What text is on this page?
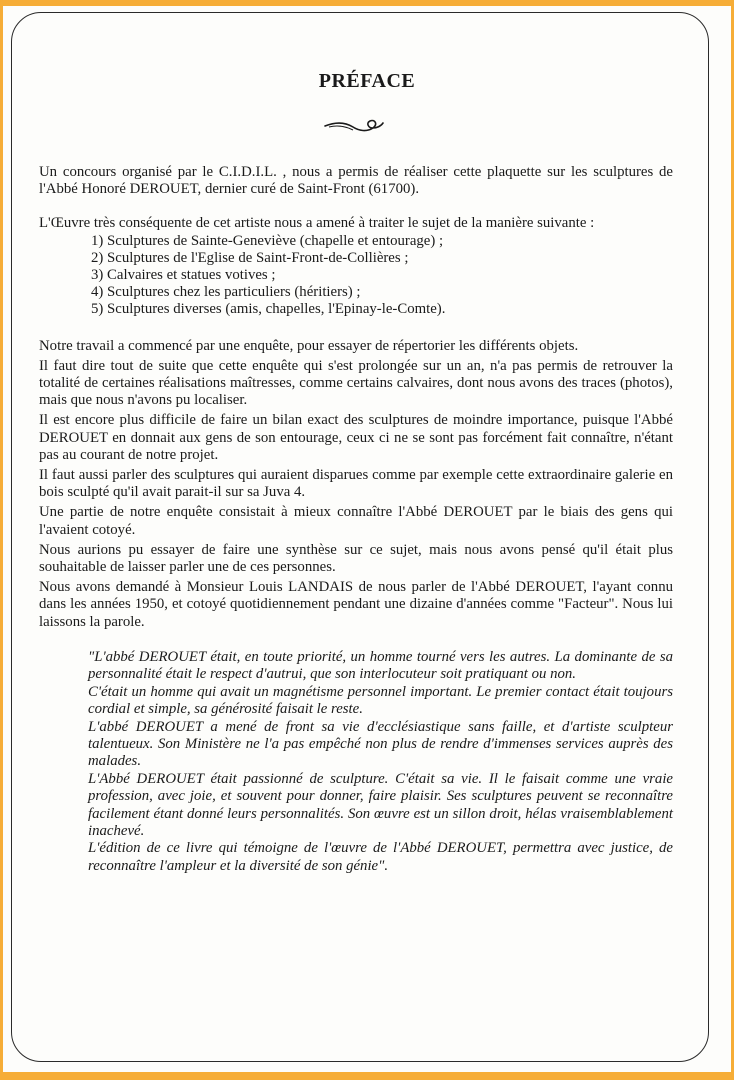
PRÉFACE

Un concours organisé par le C.I.D.I.L. , nous a permis de réaliser cette plaquette sur les sculptures de l'Abbé Honoré DEROUET, dernier curé de Saint-Front (61700).

L'Œuvre très conséquente de cet artiste nous a amené à traiter le sujet de la manière suivante :

1) Sculptures de Sainte-Geneviève (chapelle et entourage) ;
2) Sculptures de l'Eglise de Saint-Front-de-Collières ;
3) Calvaires et statues votives ;
4) Sculptures chez les particuliers (héritiers) ;
5) Sculptures diverses (amis, chapelles, l'Epinay-le-Comte).

Notre travail a commencé par une enquête, pour essayer de répertorier les différents objets.

Il faut dire tout de suite que cette enquête qui s'est prolongée sur un an, n'a pas permis de retrouver la totalité de certaines réalisations maîtresses, comme certains calvaires, dont nous avons des traces (photos), mais que nous n'avons pu localiser.

Il est encore plus difficile de faire un bilan exact des sculptures de moindre importance, puisque l'Abbé DEROUET en donnait aux gens de son entourage, ceux ci ne se sont pas forcément fait connaître, n'étant pas au courant de notre projet.

Il faut aussi parler des sculptures qui auraient disparues comme par exemple cette extraordinaire galerie en bois sculpté qu'il avait parait-il sur sa Juva 4.

Une partie de notre enquête consistait à mieux connaître l'Abbé DEROUET par le biais des gens qui l'avaient cotoyé.

Nous aurions pu essayer de faire une synthèse sur ce sujet, mais nous avons pensé qu'il était plus souhaitable de laisser parler une de ces personnes.

Nous avons demandé à Monsieur Louis LANDAIS de nous parler de l'Abbé DEROUET, l'ayant connu dans les années 1950, et cotoyé quotidiennement pendant une dizaine d'années comme "Facteur". Nous lui laissons la parole.

"L'abbé DEROUET était, en toute priorité, un homme tourné vers les autres. La dominante de sa personnalité était le respect d'autrui, que son interlocuteur soit pratiquant ou non.

C'était un homme qui avait un magnétisme personnel important. Le premier contact était toujours cordial et simple, sa générosité faisait le reste.

L'abbé DEROUET a mené de front sa vie d'ecclésiastique sans faille, et d'artiste sculpteur talentueux. Son Ministère ne l'a pas empêché non plus de rendre d'immenses services auprès des malades.

L'Abbé DEROUET était passionné de sculpture. C'était sa vie. Il le faisait comme une vraie profession, avec joie, et souvent pour donner, faire plaisir. Ses sculptures peuvent se reconnaître facilement étant donné leurs personnalités. Son œuvre est un sillon droit, hélas vraisemblablement inachevé.

L'édition de ce livre qui témoigne de l'œuvre de l'Abbé DEROUET, permettra avec justice, de reconnaître l'ampleur et la diversité de son génie".
